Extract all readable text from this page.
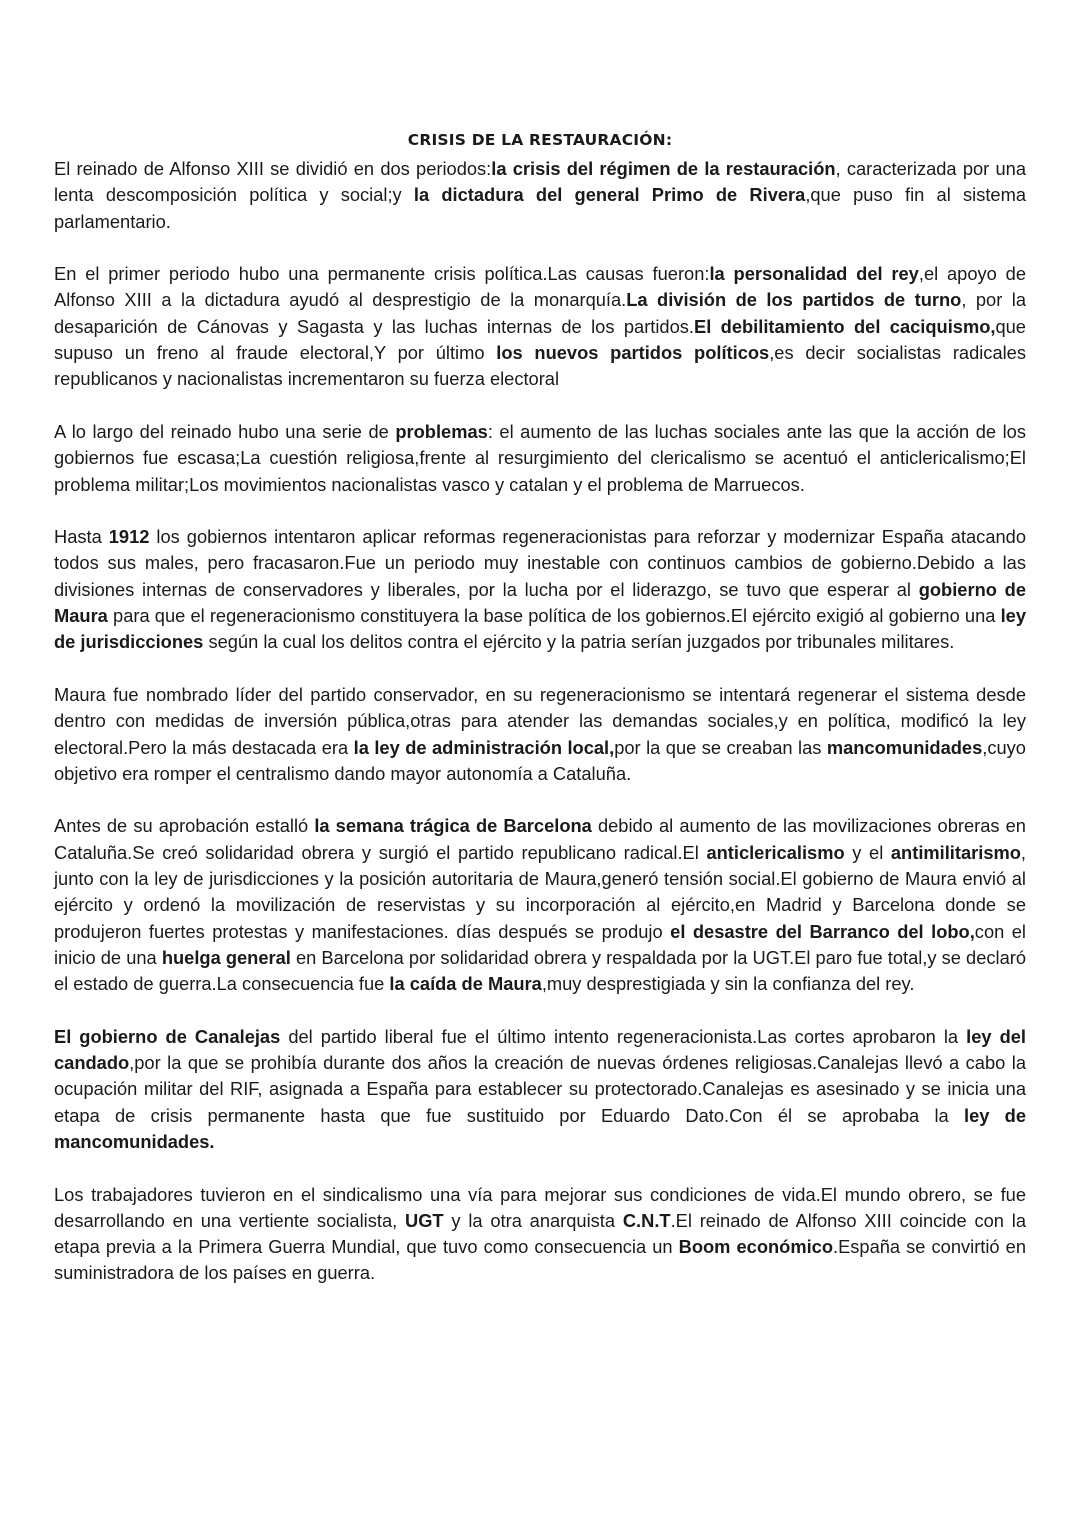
CRISIS DE LA RESTAURACIÓN:

El reinado de Alfonso XIII se dividió en dos periodos:la crisis del régimen de la restauración, caracterizada por una lenta descomposición política y social;y la dictadura del general Primo de Rivera,que puso fin al sistema parlamentario.

En el primer periodo hubo una permanente crisis política.Las causas fueron:la personalidad del rey,el apoyo de Alfonso XIII a la dictadura ayudó al desprestigio de la monarquía.La división de los partidos de turno, por la desaparición de Cánovas y Sagasta y las luchas internas de los partidos.El debilitamiento del caciquismo,que supuso un freno al fraude electoral,Y por último los nuevos partidos políticos,es decir socialistas radicales republicanos y nacionalistas incrementaron su fuerza electoral

A lo largo del reinado hubo una serie de problemas: el aumento de las luchas sociales ante las que la acción de los gobiernos fue escasa;La cuestión religiosa,frente al resurgimiento del clericalismo se acentuó el anticlericalismo;El problema militar;Los movimientos nacionalistas vasco y catalan y el problema de Marruecos.

Hasta 1912 los gobiernos intentaron aplicar reformas regeneracionistas para reforzar y modernizar España atacando todos sus males, pero fracasaron.Fue un periodo muy inestable con continuos cambios de gobierno.Debido a las divisiones internas de conservadores y liberales, por la lucha por el liderazgo, se tuvo que esperar al gobierno de Maura para que el regeneracionismo constituyera la base política de los gobiernos.El ejército exigió al gobierno una ley de jurisdicciones según la cual los delitos contra el ejército y la patria serían juzgados por tribunales militares.

Maura fue nombrado líder del partido conservador, en su regeneracionismo se intentará regenerar el sistema desde dentro con medidas de inversión pública,otras para atender las demandas sociales,y en política, modificó la ley electoral.Pero la más destacada era la ley de administración local,por la que se creaban las mancomunidades,cuyo objetivo era romper el centralismo dando mayor autonomía a Cataluña.

Antes de su aprobación estalló la semana trágica de Barcelona debido al aumento de las movilizaciones obreras en Cataluña.Se creó solidaridad obrera y surgió el partido republicano radical.El anticlericalismo y el antimilitarismo, junto con la ley de jurisdicciones y la posición autoritaria de Maura,generó tensión social.El gobierno de Maura envió al ejército y ordenó la movilización de reservistas y su incorporación al ejército,en Madrid y Barcelona donde se produjeron fuertes protestas y manifestaciones. días después se produjo el desastre del Barranco del lobo,con el inicio de una huelga general en Barcelona por solidaridad obrera y respaldada por la UGT.El paro fue total,y se declaró el estado de guerra.La consecuencia fue la caída de Maura,muy desprestigiada y sin la confianza del rey.

El gobierno de Canalejas del partido liberal fue el último intento regeneracionista.Las cortes aprobaron la ley del candado,por la que se prohibía durante dos años la creación de nuevas órdenes religiosas.Canalejas llevó a cabo la ocupación militar del RIF, asignada a España para establecer su protectorado.Canalejas es asesinado y se inicia una etapa de crisis permanente hasta que fue sustituido por Eduardo Dato.Con él se aprobaba la ley de mancomunidades.

Los trabajadores tuvieron en el sindicalismo una vía para mejorar sus condiciones de vida.El mundo obrero, se fue desarrollando en una vertiente socialista, UGT y la otra anarquista C.N.T.El reinado de Alfonso XIII coincide con la etapa previa a la Primera Guerra Mundial, que tuvo como consecuencia un Boom económico.España se convirtió en suministradora de los países en guerra.
